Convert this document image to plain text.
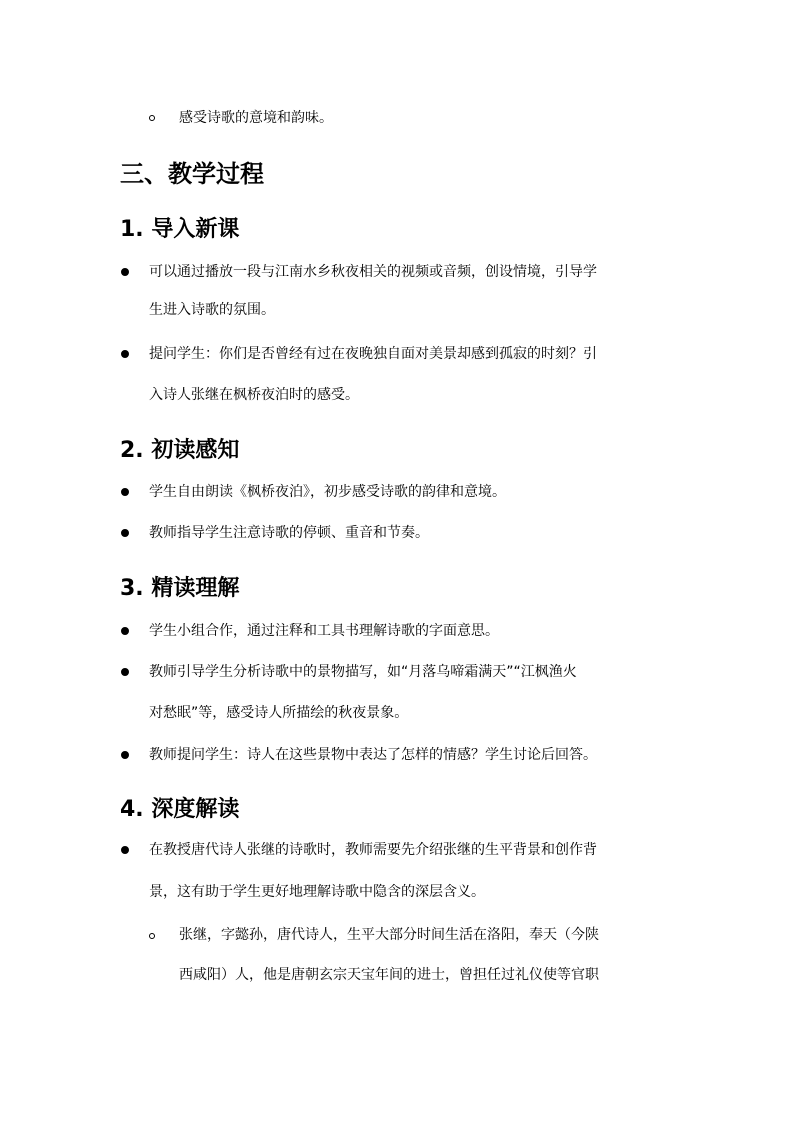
感受诗歌的意境和韵味。
三、教学过程
1. 导入新课
可以通过播放一段与江南水乡秋夜相关的视频或音频，创设情境，引导学
生进入诗歌的氛围。
提问学生：你们是否曾经有过在夜晚独自面对美景却感到孤寂的时刻？引
入诗人张继在枫桥夜泊时的感受。
2. 初读感知
学生自由朗读《枫桥夜泊》，初步感受诗歌的韵律和意境。
教师指导学生注意诗歌的停顿、重音和节奏。
3. 精读理解
学生小组合作，通过注释和工具书理解诗歌的字面意思。
教师引导学生分析诗歌中的景物描写，如“月落乌啼霜满天”“江枫渔火
对愁眠”等，感受诗人所描绘的秋夜景象。
教师提问学生：诗人在这些景物中表达了怎样的情感？学生讨论后回答。
4. 深度解读
在教授唐代诗人张继的诗歌时，教师需要先介绍张继的生平背景和创作背
景，这有助于学生更好地理解诗歌中隐含的深层含义。
张继，字懿孙，唐代诗人，生平大部分时间生活在洛阳，奉天（今陕
西咸阳）人，他是唐朝玄宗天宝年间的进士，曾担任过礼仪使等官职
